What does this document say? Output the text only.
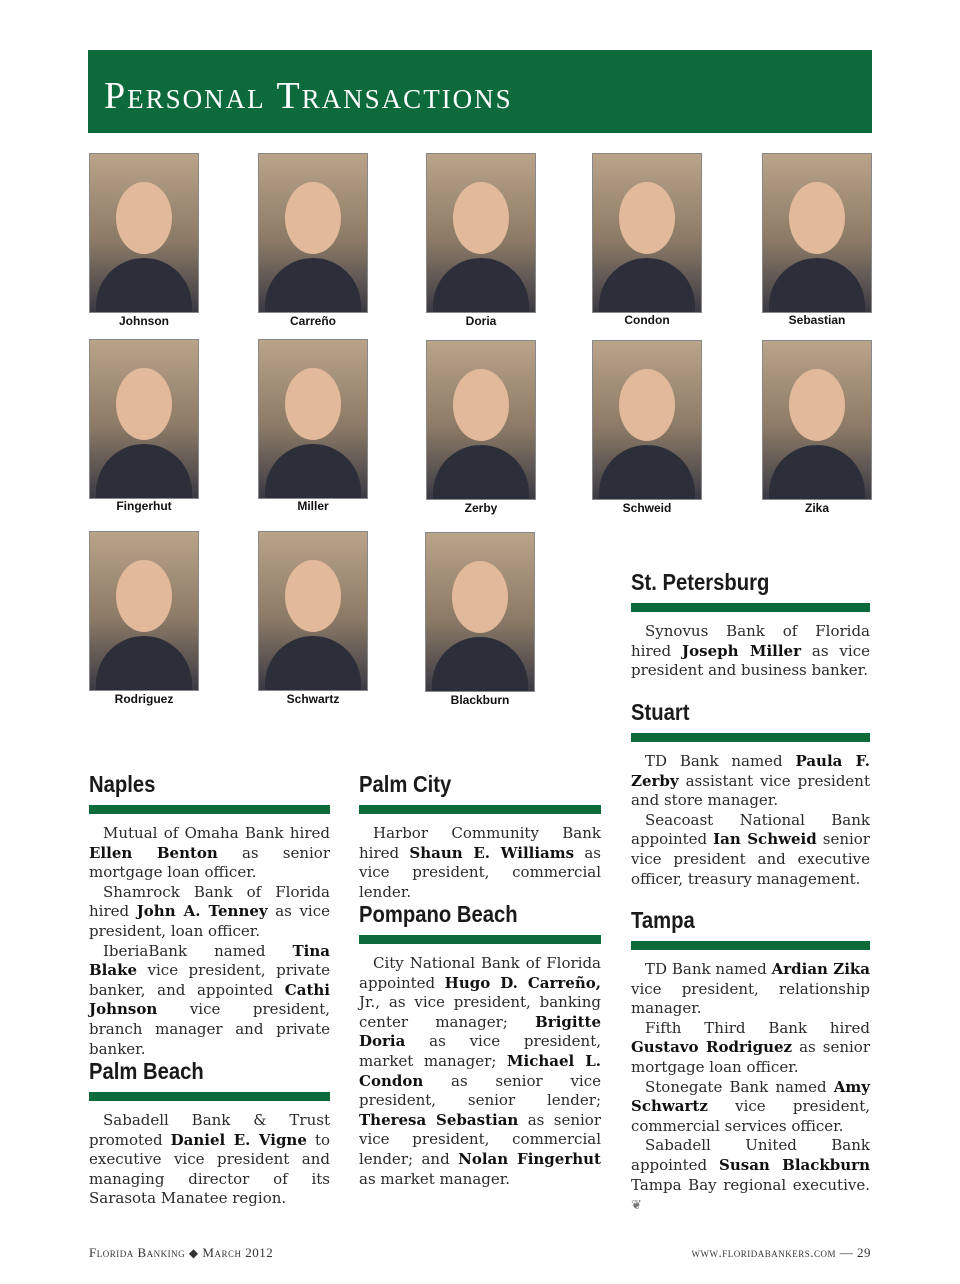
Personal Transactions
Johnson	Carreño	Doria	Condon	Sebastian
Fingerhut	Miller	Zerby	Schweid	Zika
Rodriguez	Schwartz	Blackburn
Naples

Mutual of Omaha Bank hired Ellen Benton as senior mortgage loan officer.

Shamrock Bank of Florida hired John A. Tenney as vice president, loan officer.

IberiaBank named Tina Blake vice president, private banker, and appointed Cathi Johnson vice president, branch manager and private banker.

Palm Beach

Sabadell Bank & Trust promoted Daniel E. Vigne to executive vice president and managing director of its Sarasota Manatee region.

Palm City

Harbor Community Bank hired Shaun E. Williams as vice president, commercial lender.

Pompano Beach

City National Bank of Florida appointed Hugo D. Carreño, Jr., as vice president, banking center manager; Brigitte Doria as vice president, market manager; Michael L. Condon as senior vice president, senior lender; Theresa Sebastian as senior vice president, commercial lender; and Nolan Fingerhut as market manager.

St. Petersburg

Synovus Bank of Florida hired Joseph Miller as vice president and business banker.

Stuart

TD Bank named Paula F. Zerby assistant vice president and store manager.

Seacoast National Bank appointed Ian Schweid senior vice president and executive officer, treasury management.

Tampa

TD Bank named Ardian Zika vice president, relationship manager.

Fifth Third Bank hired Gustavo Rodriguez as senior mortgage loan officer.

Stonegate Bank named Amy Schwartz vice president, commercial services officer.

Sabadell United Bank appointed Susan Blackburn Tampa Bay regional executive. ❦

Florida Banking ◆ March 2012	www.floridabankers.com — 29
